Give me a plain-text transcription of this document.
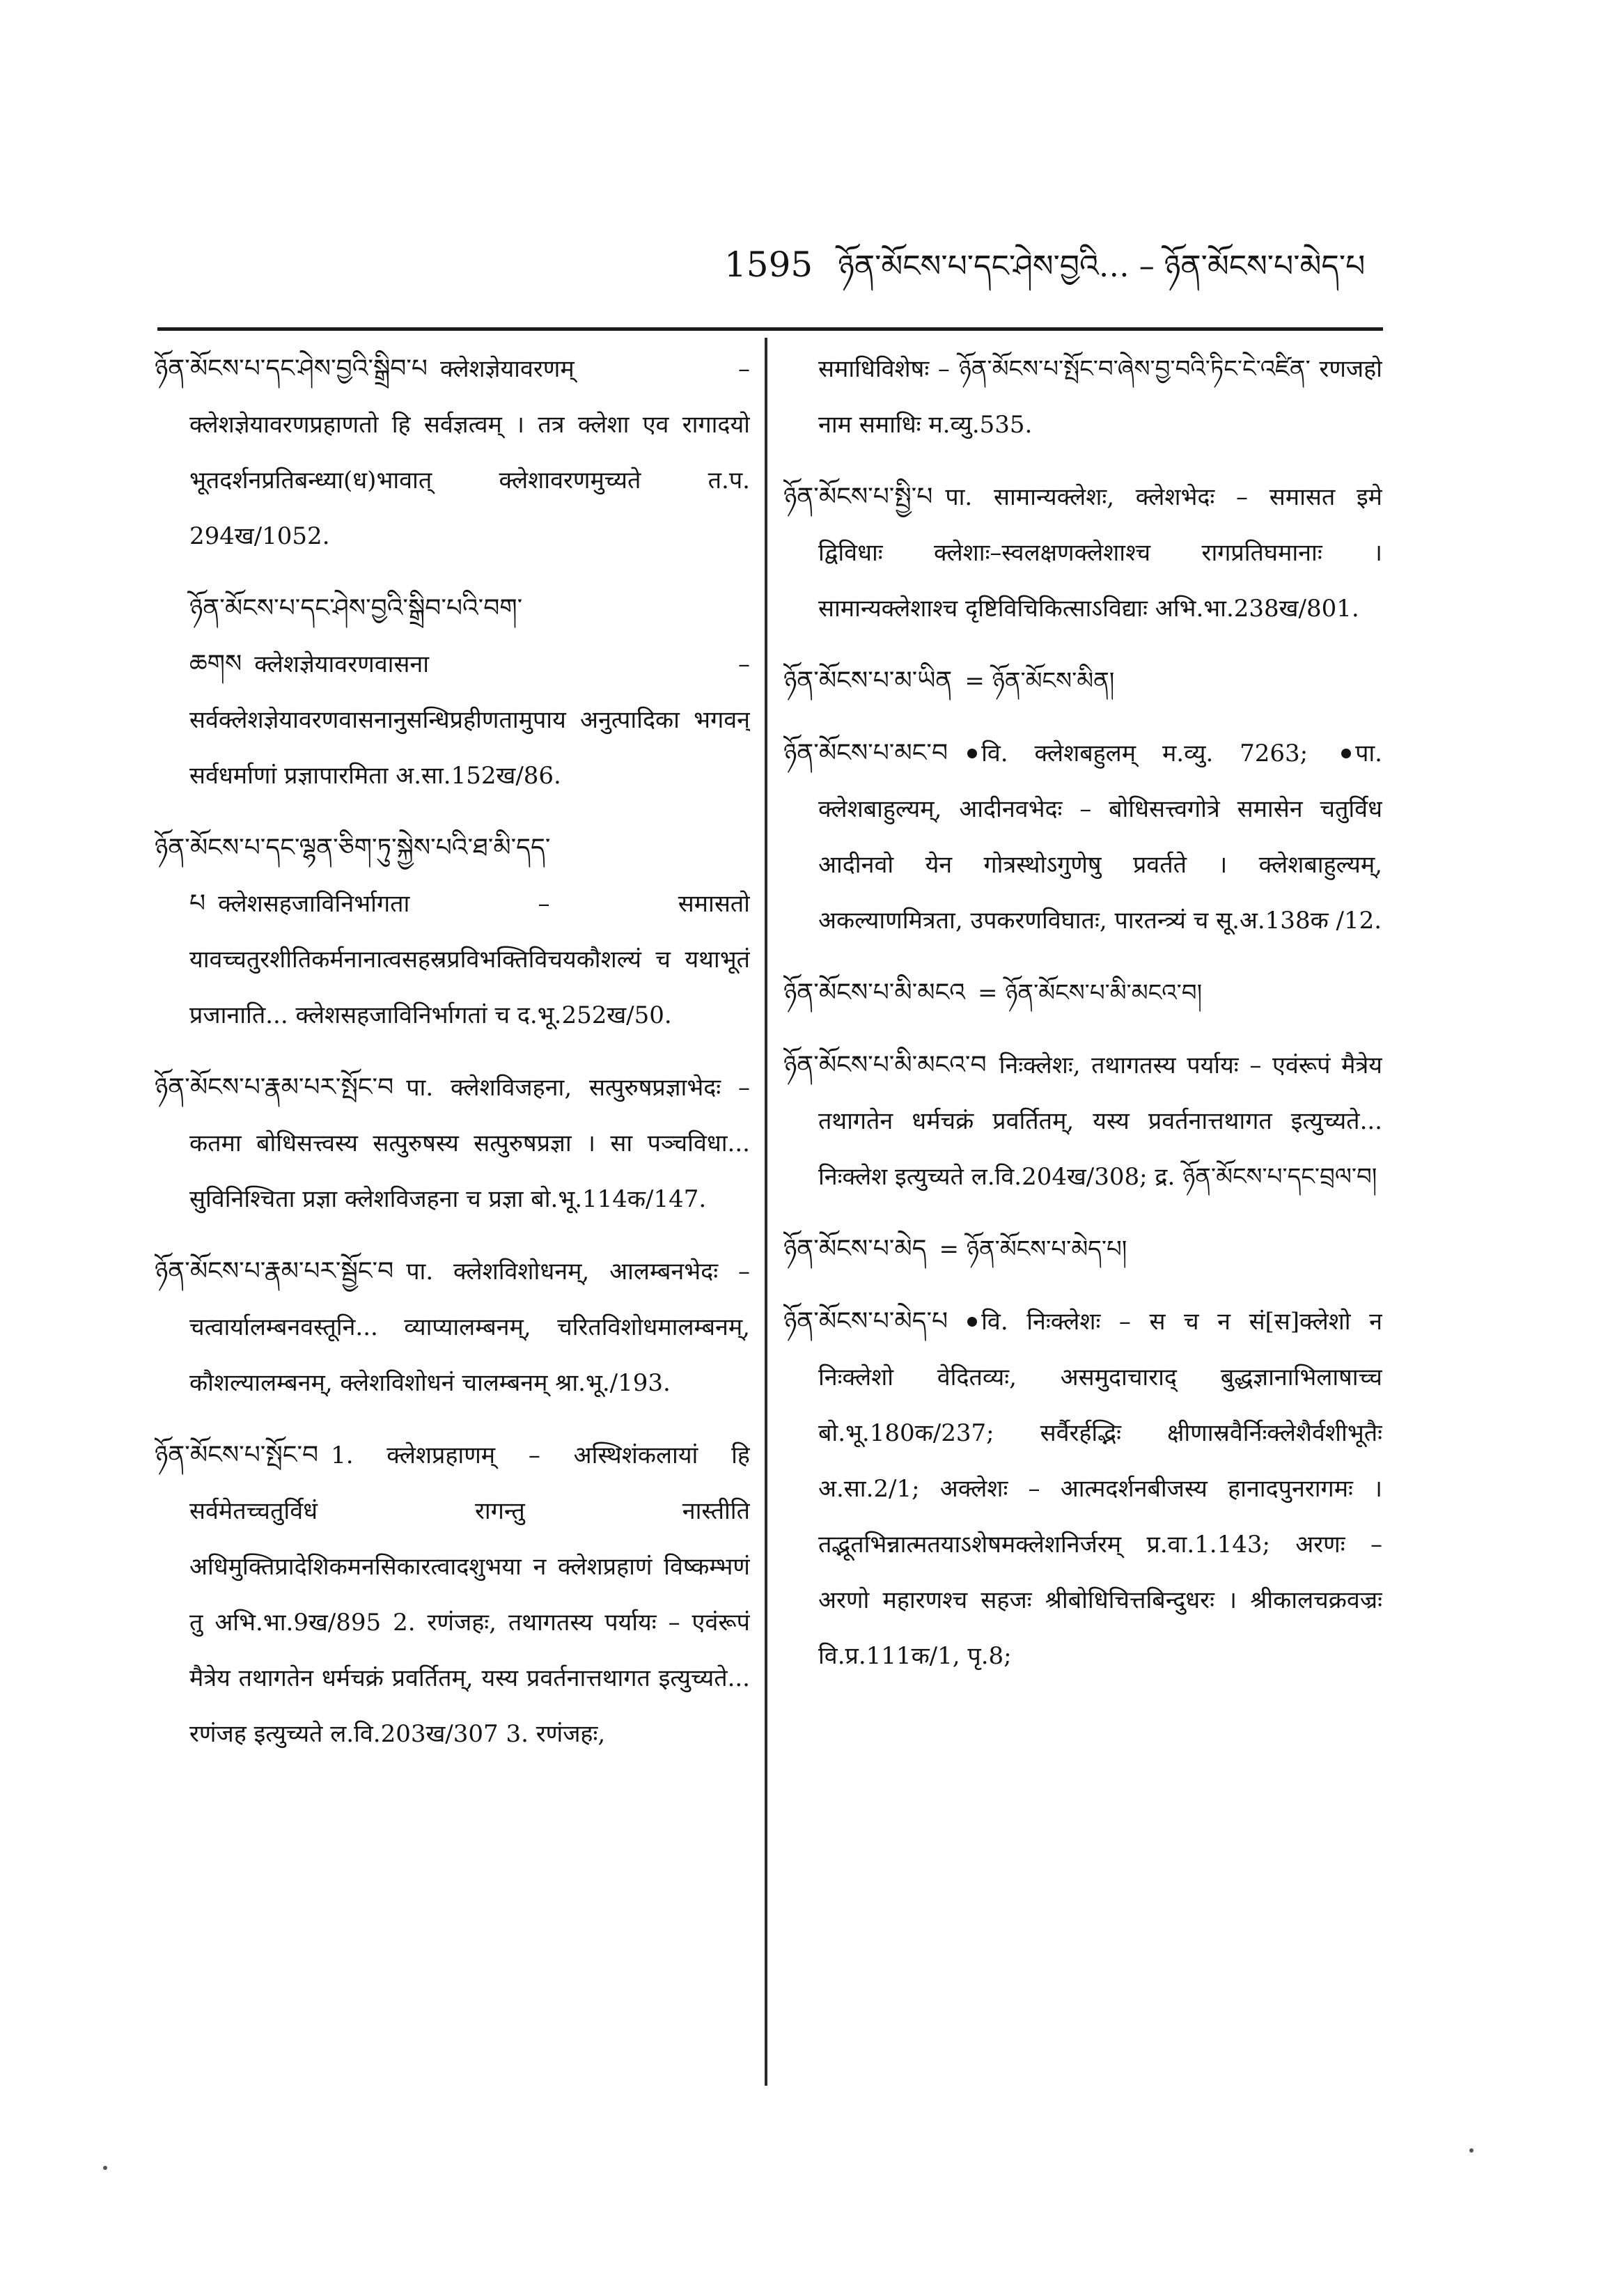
1595 ཉོན་མོངས་པ་དང་ཤེས་བྱའི… – ཉོན་མོངས་པ་མེད་པ

ཉོན་མོངས་པ་དང་ཤེས་བྱའི་སྒྲིབ་པ क्लेशज्ञेयावरणम् – क्लेशज्ञेयावरणप्रहाणतो हि सर्वज्ञत्वम् । तत्र क्लेशा एव रागादयो भूतदर्शनप्रतिबन्ध्या(ध)भावात् क्लेशावरणमुच्यते त.प. 294ख/1052.

ཉོན་མོངས་པ་དང་ཤེས་བྱའི་སྒྲིབ་པའི་བག་ཆགས क्लेशज्ञेयावरणवासना – सर्वक्लेशज्ञेयावरणवासनानुसन्धिप्रहीणतामुपाय अनुत्पादिका भगवन् सर्वधर्माणां प्रज्ञापारमिता अ.सा.152ख/86.

ཉོན་མོངས་པ་དང་ལྷན་ཅིག་ཏུ་སྐྱེས་པའི་ཐ་མི་དད་པ क्लेशसहजाविनिर्भागता – समासतो यावच्चतुरशीतिकर्मनानात्वसहस्रप्रविभक्तिविचयकौशल्यं च यथाभूतं प्रजानाति... क्लेशसहजाविनिर्भागतां च द.भू.252ख/50.

ཉོན་མོངས་པ་རྣམ་པར་སྤོང་བ पा. क्लेशविजहना, सत्पुरुषप्रज्ञाभेदः – कतमा बोधिसत्त्वस्य सत्पुरुषस्य सत्पुरुषप्रज्ञा । सा पञ्चविधा... सुविनिश्चिता प्रज्ञा क्लेशविजहना च प्रज्ञा बो.भू.114क/147.

ཉོན་མོངས་པ་རྣམ་པར་སྦྱོང་བ पा. क्लेशविशोधनम्, आलम्बनभेदः – चत्वार्यालम्बनवस्तूनि... व्याप्यालम्बनम्, चरितविशोधमालम्बनम्, कौशल्यालम्बनम्, क्लेशविशोधनं चालम्बनम् श्रा.भू./193.

ཉོན་མོངས་པ་སྤོང་བ 1. क्लेशप्रहाणम् – अस्थिशंकलायां हि सर्वमेतच्चतुर्विधं रागन्तु नास्तीति अधिमुक्तिप्रादेशिकमनसिकारत्वादशुभया न क्लेशप्रहाणं विष्कम्भणं तु अभि.भा.9ख/895 2. रणंजहः, तथागतस्य पर्यायः – एवंरूपं मैत्रेय तथागतेन धर्मचक्रं प्रवर्तितम्, यस्य प्रवर्तनात्तथागत इत्युच्यते... रणंजह इत्युच्यते ल.वि.203ख/307 3. रणंजहः,

समाधिविशेषः – ཉོན་མོངས་པ་སྤོང་བ་ཞེས་བྱ་བའི་ཏིང་ངེ་འཛིན་ रणजहो नाम समाधिः म.व्यु.535.

ཉོན་མོངས་པ་སྤྱི་པ पा. सामान्यक्लेशः, क्लेशभेदः – समासत इमे द्विविधाः क्लेशाः–स्वलक्षणक्लेशाश्च रागप्रतिघमानाः । सामान्यक्लेशाश्च दृष्टिविचिकित्साऽविद्याः अभि.भा.238ख/801.

ཉོན་མོངས་པ་མ་ཡིན = ཉོན་མོངས་མིན།

ཉོན་མོངས་པ་མང་བ वि. क्लेशबहुलम् म.व्यु. 7263; पा. क्लेशबाहुल्यम्, आदीनवभेदः – बोधिसत्त्वगोत्रे समासेन चतुर्विध आदीनवो येन गोत्रस्थोऽगुणेषु प्रवर्तते । क्लेशबाहुल्यम्, अकल्याणमित्रता, उपकरणविघातः, पारतन्त्र्यं च सू.अ.138क /12.

ཉོན་མོངས་པ་མི་མངའ = ཉོན་མོངས་པ་མི་མངའ་བ།

ཉོན་མོངས་པ་མི་མངའ་བ निःक्लेशः, तथागतस्य पर्यायः – एवंरूपं मैत्रेय तथागतेन धर्मचक्रं प्रवर्तितम्, यस्य प्रवर्तनात्तथागत इत्युच्यते... निःक्लेश इत्युच्यते ल.वि.204ख/308; द्र. ཉོན་མོངས་པ་དང་བྲལ་བ།

ཉོན་མོངས་པ་མེད = ཉོན་མོངས་པ་མེད་པ།

ཉོན་མོངས་པ་མེད་པ वि. निःक्लेशः – स च न सं[स]क्लेशो न निःक्लेशो वेदितव्यः, असमुदाचाराद् बुद्धज्ञानाभिलाषाच्च बो.भू.180क/237; सर्वैरर्हद्भिः क्षीणास्रवैर्निःक्लेशैर्वशीभूतैः अ.सा.2/1; अक्लेशः – आत्मदर्शनबीजस्य हानादपुनरागमः । तद्भूतभिन्नात्मतयाऽशेषमक्लेशनिर्जरम् प्र.वा.1.143; अरणः – अरणो महारणश्च सहजः श्रीबोधिचित्तबिन्दुधरः । श्रीकालचक्रवज्रः वि.प्र.111क/1, पृ.8;
